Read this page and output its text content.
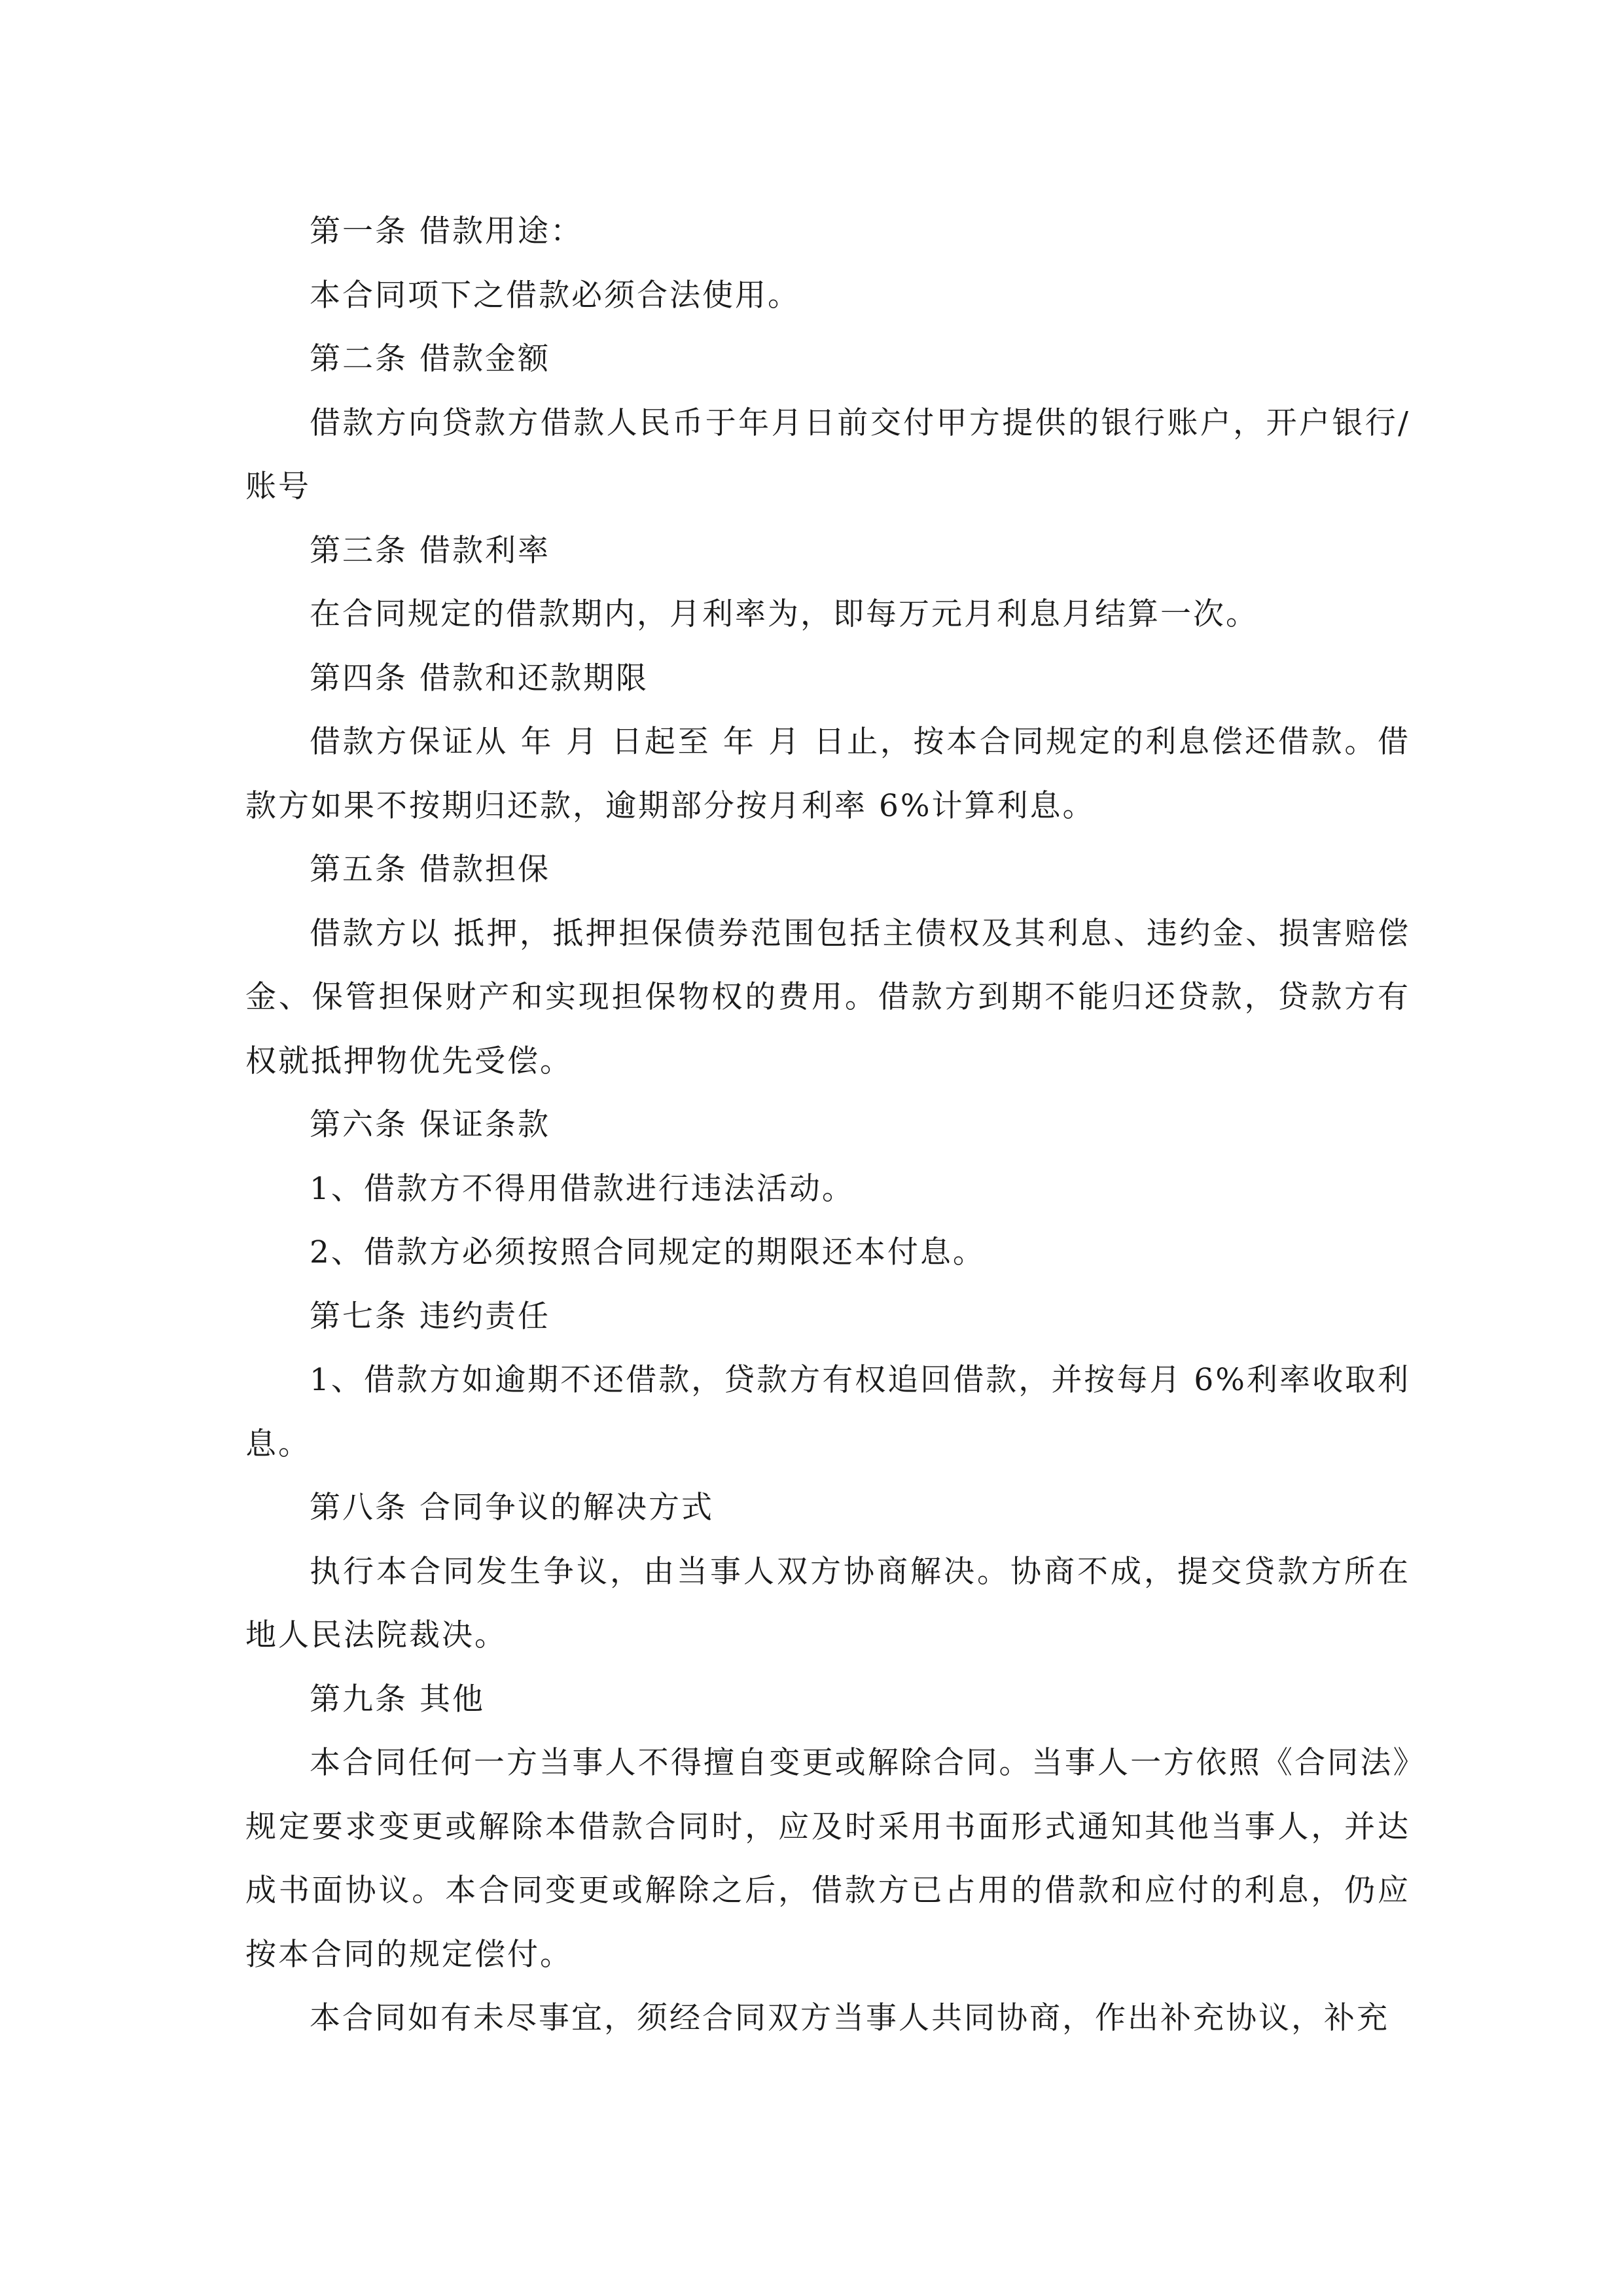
第一条 借款用途：

本合同项下之借款必须合法使用。

第二条 借款金额

借款方向贷款方借款人民币于年月日前交付甲方提供的银行账户，开户银行/账号

第三条 借款利率

在合同规定的借款期内，月利率为，即每万元月利息月结算一次。

第四条 借款和还款期限

借款方保证从 年 月 日起至 年 月 日止，按本合同规定的利息偿还借款。借款方如果不按期归还款，逾期部分按月利率 6%计算利息。

第五条 借款担保

借款方以 抵押，抵押担保债券范围包括主债权及其利息、违约金、损害赔偿金、保管担保财产和实现担保物权的费用。借款方到期不能归还贷款，贷款方有权就抵押物优先受偿。

第六条 保证条款

1、借款方不得用借款进行违法活动。

2、借款方必须按照合同规定的期限还本付息。

第七条 违约责任

1、借款方如逾期不还借款，贷款方有权追回借款，并按每月 6%利率收取利息。

第八条 合同争议的解决方式

执行本合同发生争议，由当事人双方协商解决。协商不成，提交贷款方所在地人民法院裁决。

第九条 其他

本合同任何一方当事人不得擅自变更或解除合同。当事人一方依照《合同法》规定要求变更或解除本借款合同时，应及时采用书面形式通知其他当事人，并达成书面协议。本合同变更或解除之后，借款方已占用的借款和应付的利息，仍应按本合同的规定偿付。

本合同如有未尽事宜，须经合同双方当事人共同协商，作出补充协议，补充
